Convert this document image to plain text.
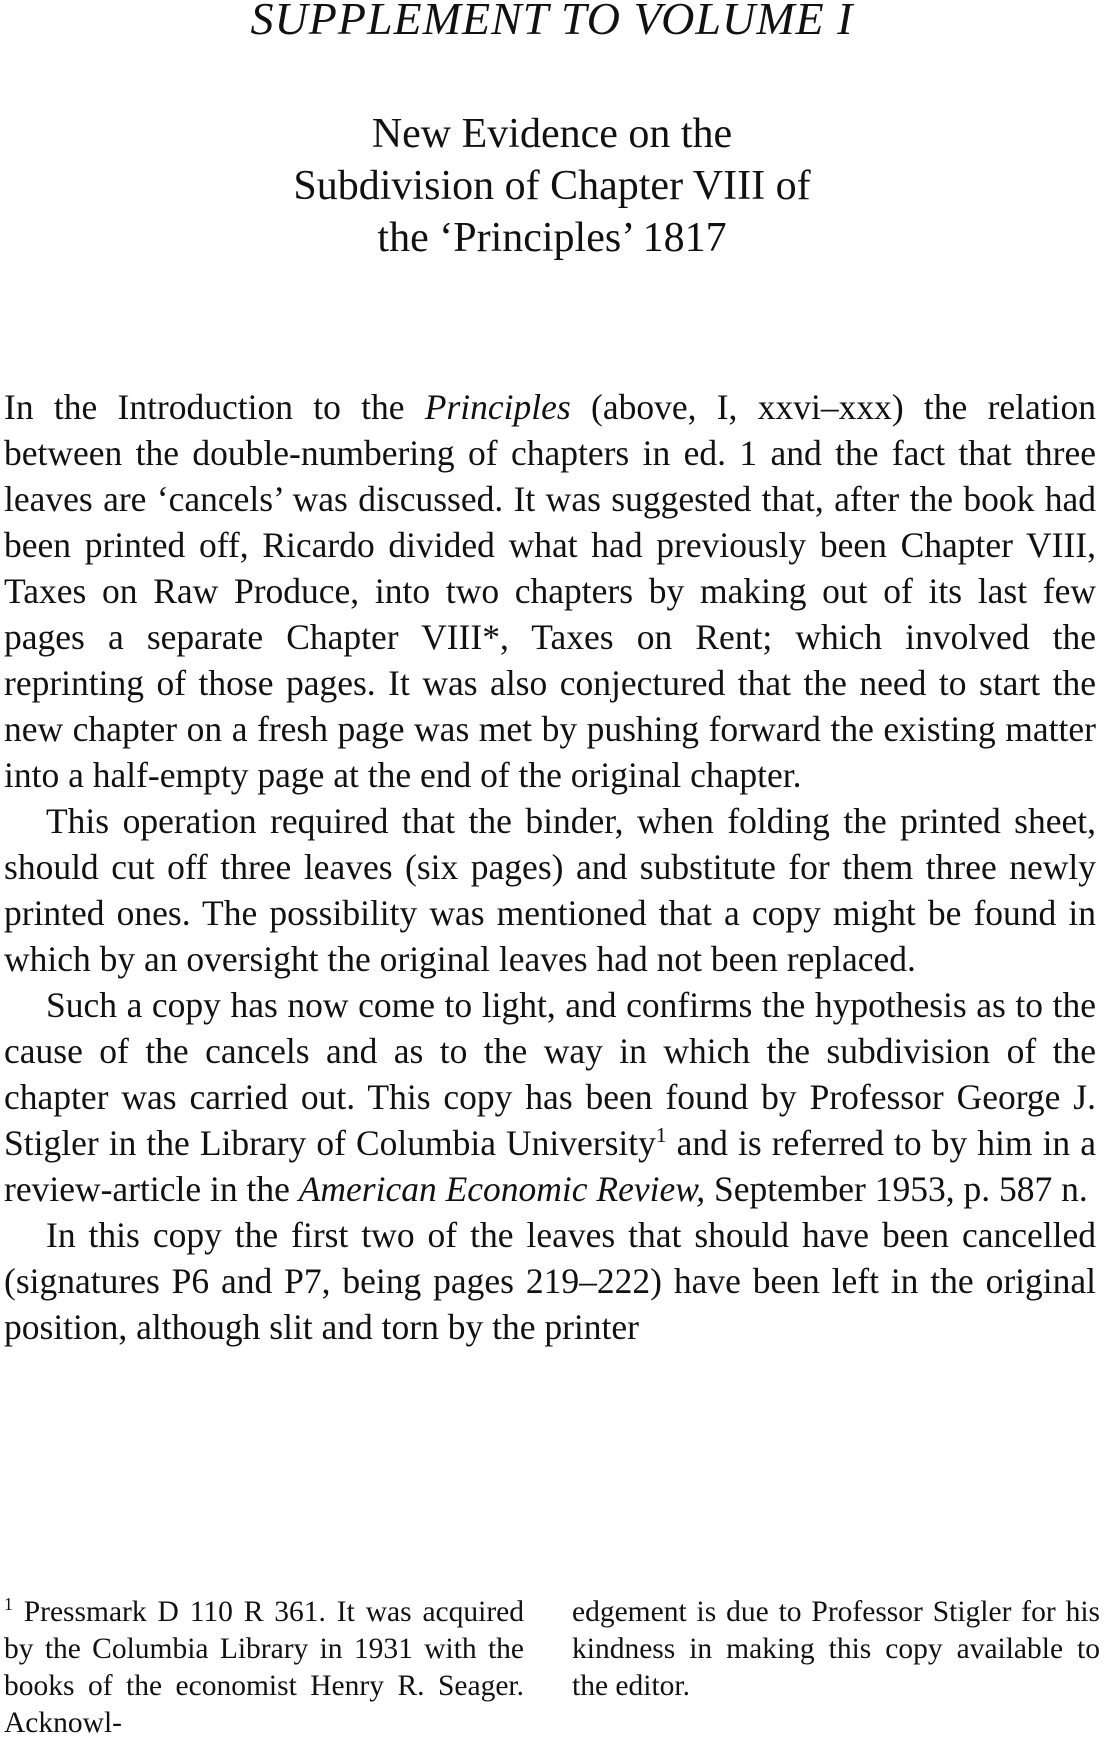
SUPPLEMENT TO VOLUME I
New Evidence on the
Subdivision of Chapter VIII of
the ‘Principles’ 1817

In the Introduction to the Principles (above, I, xxvi–xxx) the relation between the double-numbering of chapters in ed. 1 and the fact that three leaves are ‘cancels’ was discussed. It was suggested that, after the book had been printed off, Ricardo divided what had previously been Chapter VIII, Taxes on Raw Produce, into two chapters by making out of its last few pages a separate Chapter VIII*, Taxes on Rent; which involved the reprinting of those pages. It was also conjectured that the need to start the new chapter on a fresh page was met by pushing forward the existing matter into a half-empty page at the end of the original chapter.

This operation required that the binder, when folding the printed sheet, should cut off three leaves (six pages) and substitute for them three newly printed ones. The possibility was mentioned that a copy might be found in which by an oversight the original leaves had not been replaced.

Such a copy has now come to light, and confirms the hypothesis as to the cause of the cancels and as to the way in which the subdivision of the chapter was carried out. This copy has been found by Professor George J. Stigler in the Library of Columbia University$^1$ and is referred to by him in a review-article in the American Economic Review, September 1953, p. 587 n.

In this copy the first two of the leaves that should have been cancelled (signatures P6 and P7, being pages 219–222) have been left in the original position, although slit and torn by the printer

$^1$ Pressmark D 110 R 361. It was acquired by the Columbia Library in 1931 with the books of the economist Henry R. Seager. Acknowl-
edgement is due to Professor Stigler for his kindness in making this copy available to the editor.
